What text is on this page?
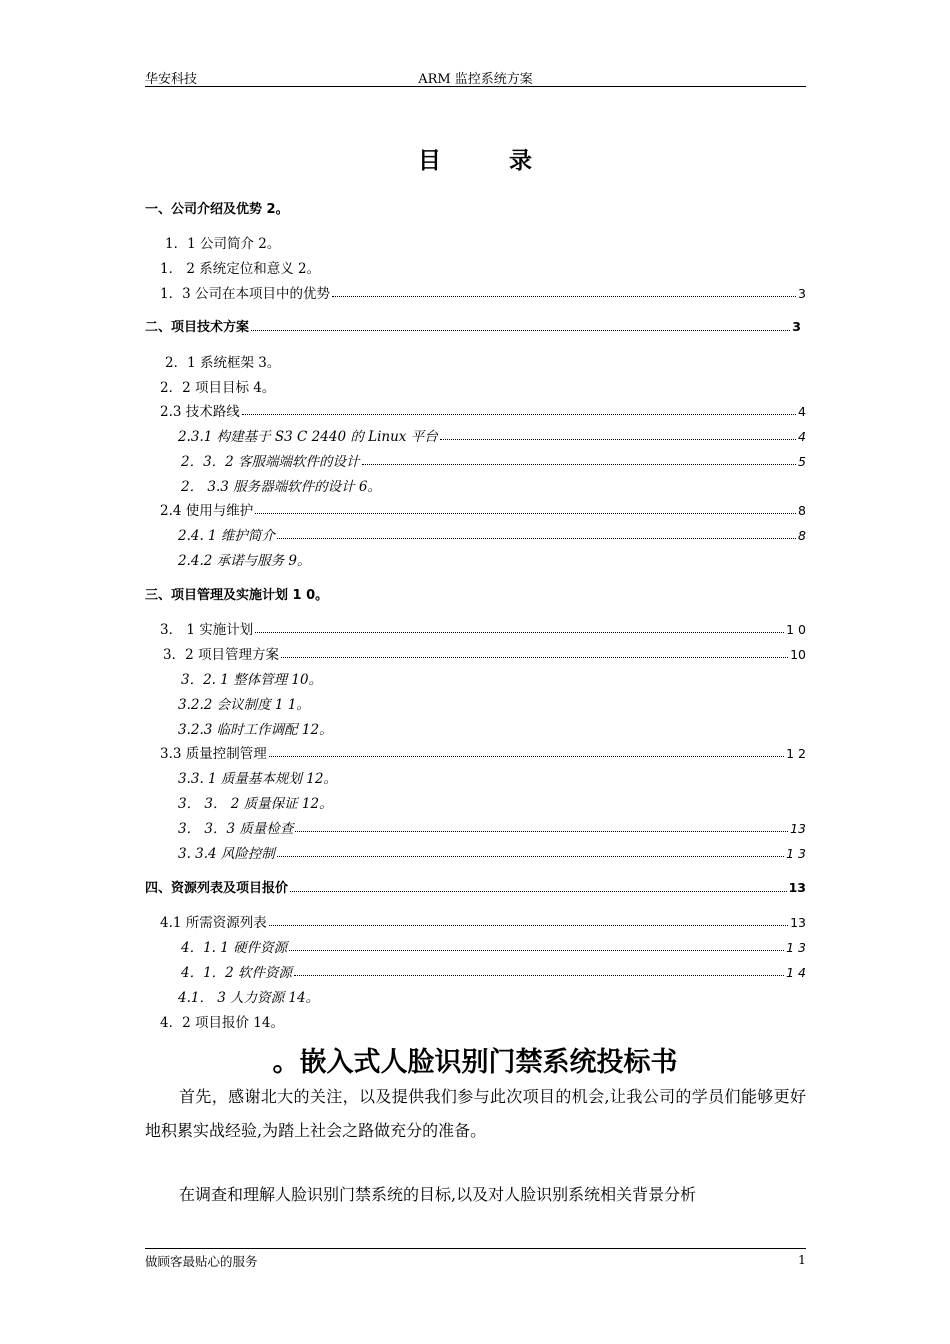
华安科技	ARM 监控系统方案
目 录
一、公司介绍及优势 2。
1．1 公司简介 2。
1． 2 系统定位和意义 2。
1．3 公司在本项目中的优势	3
二、项目技术方案	3
2．1 系统框架 3。
2．2 项目目标 4。
2.3 技术路线	4
2.3.1 构建基于 S3 C 2440 的 Linux 平台	4
2．3．2 客服端端软件的设计	5
2． 3.3 服务器端软件的设计 6。
2.4 使用与维护	8
2.4. 1 维护简介	8
2.4.2 承诺与服务 9。
三、项目管理及实施计划 1 0。
3． 1 实施计划	1 0
3．2 项目管理方案	10
3．2. 1 整体管理 10。
3.2.2 会议制度 1 1。
3.2.3 临时工作调配 12。
3.3 质量控制管理	1 2
3.3. 1 质量基本规划 12。
3． 3． 2 质量保证 12。
3． 3．3 质量检查	13
3. 3.4 风险控制	1 3
四、资源列表及项目报价	13
4.1 所需资源列表	13
4．1. 1 硬件资源	1 3
4．1．2 软件资源	1 4
4.1． 3 人力资源 14。
4．2 项目报价 14。
。嵌入式人脸识别门禁系统投标书

首先，感谢北大的关注，以及提供我们参与此次项目的机会,让我公司的学员们能够更好地积累实战经验,为踏上社会之路做充分的准备。

在调查和理解人脸识别门禁系统的目标,以及对人脸识别系统相关背景分析

做顾客最贴心的服务	1
